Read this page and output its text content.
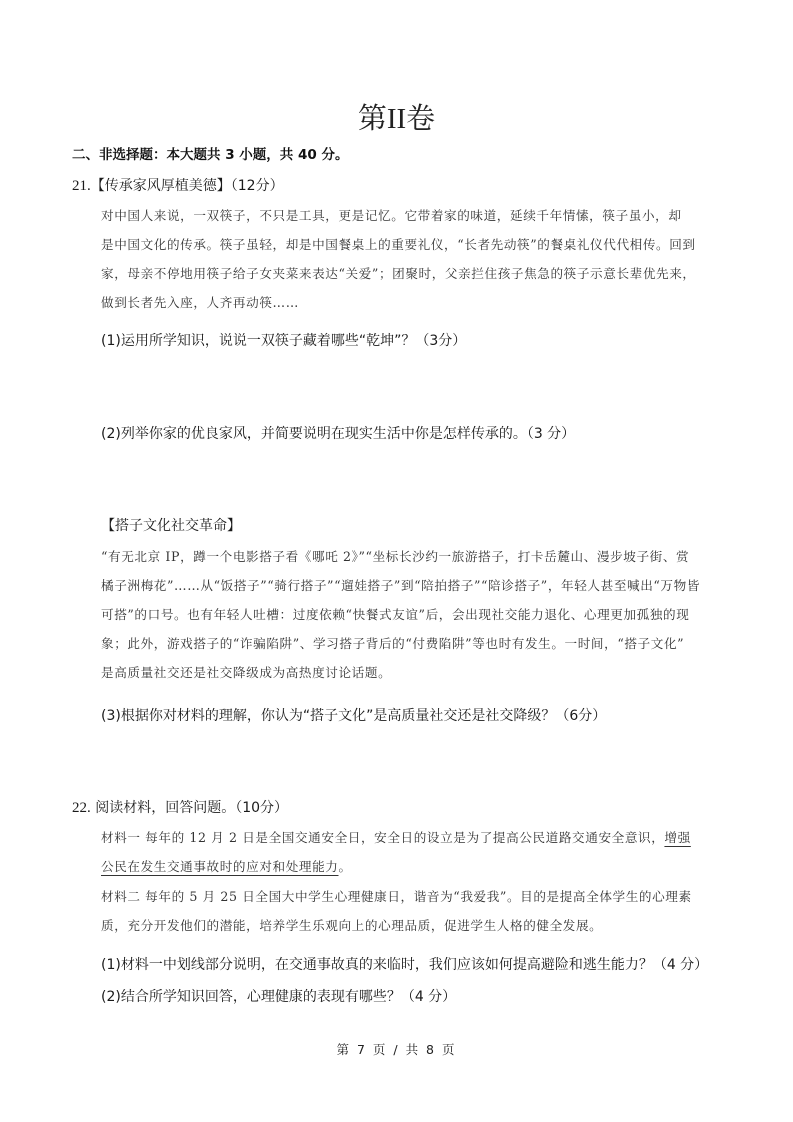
第II卷
二、非选择题：本大题共 3 小题，共 40 分。
21.【传承家风厚植美德】（12分）
对中国人来说，一双筷子，不只是工具，更是记忆。它带着家的味道，延续千年情愫，筷子虽小，却
是中国文化的传承。筷子虽轻，却是中国餐桌上的重要礼仪，“长者先动筷”的餐桌礼仪代代相传。回到
家，母亲不停地用筷子给子女夹菜来表达“关爱”；团聚时，父亲拦住孩子焦急的筷子示意长辈优先来，
做到长者先入座，人齐再动筷……
(1)运用所学知识，说说一双筷子藏着哪些“乾坤”？（3分）
(2)列举你家的优良家风，并简要说明在现实生活中你是怎样传承的。（3 分）
【搭子文化社交革命】
“有无北京 IP，蹲一个电影搭子看《哪吒 2》”“坐标长沙约一旅游搭子，打卡岳麓山、漫步坡子街、赏
橘子洲梅花”……从“饭搭子”“骑行搭子”“遛娃搭子”到“陪拍搭子”“陪诊搭子”，年轻人甚至喊出“万物皆
可搭”的口号。也有年轻人吐槽：过度依赖“快餐式友谊”后，会出现社交能力退化、心理更加孤独的现
象；此外，游戏搭子的“诈骗陷阱”、学习搭子背后的“付费陷阱”等也时有发生。一时间，“搭子文化”
是高质量社交还是社交降级成为高热度讨论话题。
(3)根据你对材料的理解，你认为“搭子文化”是高质量社交还是社交降级？（6分）
22. 阅读材料，回答问题。（10分）
材料一 每年的 12 月 2 日是全国交通安全日，安全日的设立是为了提高公民道路交通安全意识，增强
公民在发生交通事故时的应对和处理能力。
材料二 每年的 5 月 25 日全国大中学生心理健康日，谐音为“我爱我”。目的是提高全体学生的心理素
质，充分开发他们的潜能，培养学生乐观向上的心理品质，促进学生人格的健全发展。
(1)材料一中划线部分说明，在交通事故真的来临时，我们应该如何提高避险和逃生能力？（4 分）
(2)结合所学知识回答，心理健康的表现有哪些？（4 分）
第 7 页 / 共 8 页
